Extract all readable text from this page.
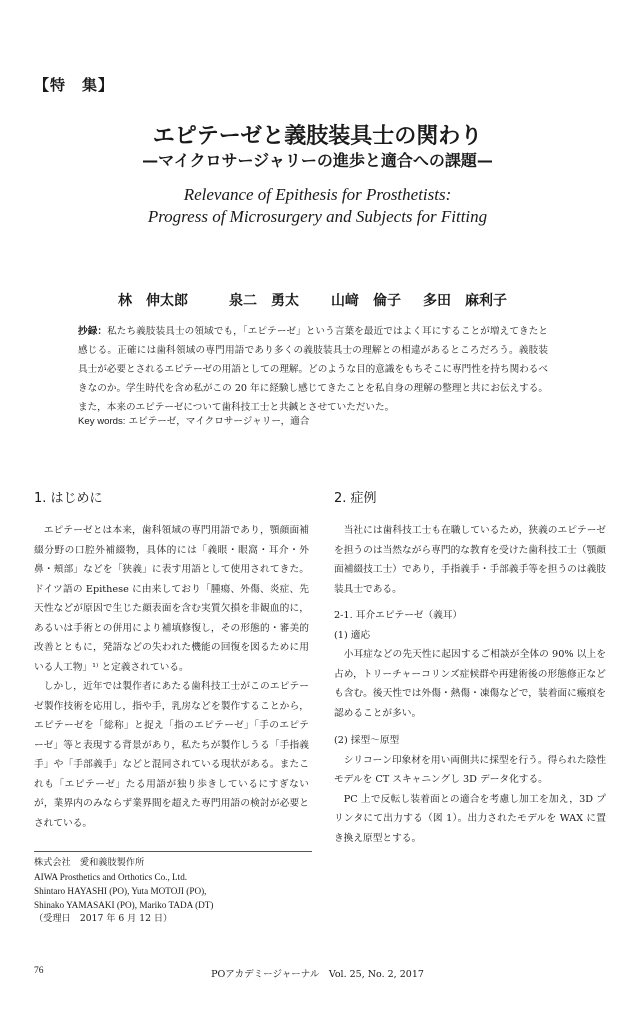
【特　集】
エピテーゼと義肢装具士の関わり
—マイクロサージャリーの進歩と適合への課題—
Relevance of Epithesis for Prosthetists:
Progress of Microsurgery and Subjects for Fitting
林　伸太郎	泉二　勇太 山﨑　倫子 多田　麻利子

抄録：私たち義肢装具士の領域でも，「エピテーゼ」という言葉を最近ではよく耳にすることが増えてきたと感じる。正確には歯科領域の専門用語であり多くの義肢装具士の理解との相違があるところだろう。義肢装具士が必要とされるエピテーゼの用語としての理解。どのような目的意識をもちそこに専門性を持ち関わるべきなのか。学生時代を含め私がこの 20 年に経験し感じてきたことを私自身の理解の整理と共にお伝えする。また，本来のエピテーゼについて歯科技工士と共鍼とさせていただいた。

Key words: エピテーゼ，マイクロサージャリー，適合
1. はじめに

エピテーゼとは本来，歯科領域の専門用語であり，顎顔面補綴分野の口腔外補綴物，具体的には「義眼・眼窩・耳介・外鼻・頬部」などを「狭義」に表す用語として使用されてきた。ドイツ語の Epithese に由来しており「腫瘍、外傷、炎症、先天性などが原因で生じた顔表面を含む実質欠損を非観血的に，あるいは手術との併用により補填修復し，その形態的・審美的改善とともに，発語などの失われた機能の回復を図るために用いる人工物」¹⁾ と定義されている。

しかし，近年では製作者にあたる歯科技工士がこのエピテーゼ製作技術を応用し，指や手，乳房などを製作することから，エピテーゼを「総称」と捉え「指のエピテーゼ」「手のエピテーゼ」等と表現する背景があり，私たちが製作しうる「手指義手」や「手部義手」などと混同されている現状がある。またこれも「エピテーゼ」たる用語が独り歩きしているにすぎないが，業界内のみならず業界間を超えた専門用語の検討が必要とされている。

2. 症例

当社には歯科技工士も在職しているため，狭義のエピテーゼを担うのは当然ながら専門的な教育を受けた歯科技工士（顎顔面補綴技工士）であり，手指義手・手部義手等を担うのは義肢装具士である。

2-1. 耳介エピテーゼ（義耳）
(1) 適応

小耳症などの先天性に起因するご相談が全体の 90% 以上を占め，トリーチャーコリンズ症候群や再建術後の形態修正なども含む。後天性では外傷・熱傷・凍傷などで，装着面に瘢痕を認めることが多い。

(2) 採型〜原型

シリコーン印象材を用い両側共に採型を行う。得られた陰性モデルを CT スキャニングし 3D データ化する。

PC 上で反転し装着面との適合を考慮し加工を加え，3D プリンタにて出力する（図 1）。出力されたモデルを WAX に置き換え原型とする。

株式会社　愛和義肢製作所
AIWA Prosthetics and Orthotics Co., Ltd.
Shintaro HAYASHI (PO), Yuta MOTOJI (PO),
Shinako YAMASAKI (PO), Mariko TADA (DT)
（受理日　2017 年 6 月 12 日）
76	POアカデミージャーナル　Vol. 25, No. 2, 2017
